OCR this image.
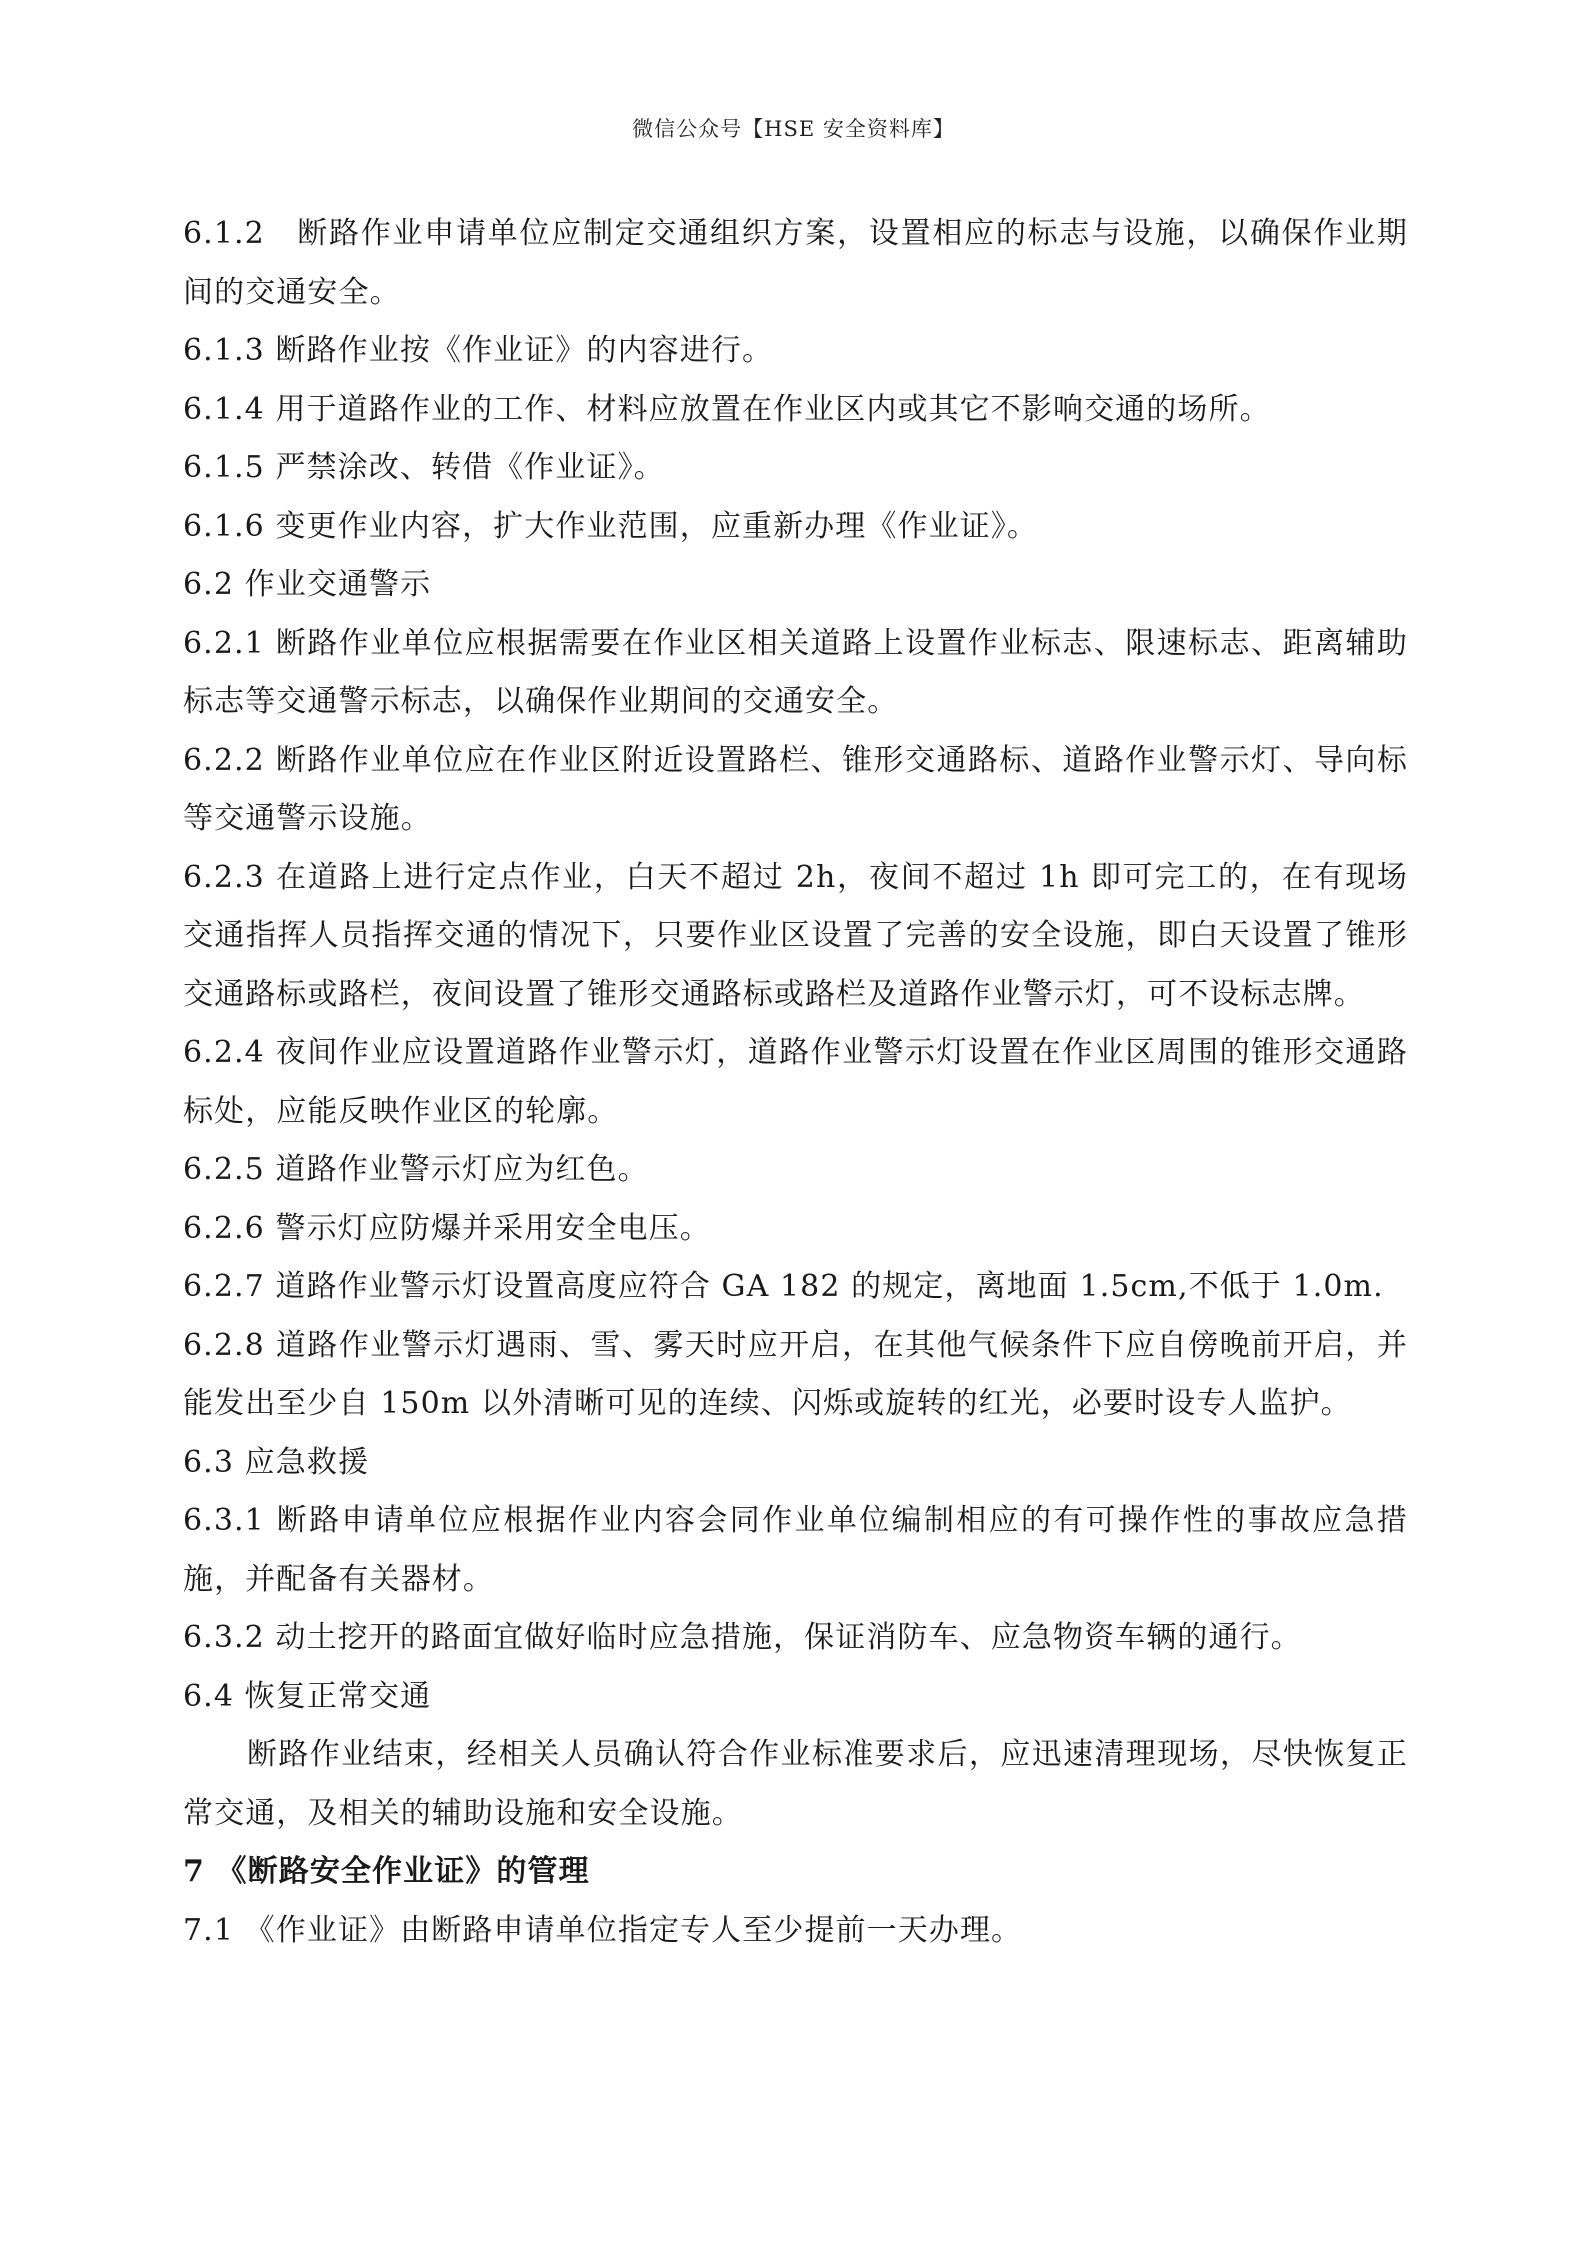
微信公众号【HSE 安全资料库】

6.1.2　断路作业申请单位应制定交通组织方案，设置相应的标志与设施，以确保作业期间的交通安全。

6.1.3 断路作业按《作业证》的内容进行。

6.1.4 用于道路作业的工作、材料应放置在作业区内或其它不影响交通的场所。

6.1.5 严禁涂改、转借《作业证》。

6.1.6 变更作业内容，扩大作业范围，应重新办理《作业证》。

6.2 作业交通警示

6.2.1 断路作业单位应根据需要在作业区相关道路上设置作业标志、限速标志、距离辅助标志等交通警示标志，以确保作业期间的交通安全。

6.2.2 断路作业单位应在作业区附近设置路栏、锥形交通路标、道路作业警示灯、导向标等交通警示设施。

6.2.3 在道路上进行定点作业，白天不超过 2h，夜间不超过 1h 即可完工的，在有现场交通指挥人员指挥交通的情况下，只要作业区设置了完善的安全设施，即白天设置了锥形交通路标或路栏，夜间设置了锥形交通路标或路栏及道路作业警示灯，可不设标志牌。

6.2.4 夜间作业应设置道路作业警示灯，道路作业警示灯设置在作业区周围的锥形交通路标处，应能反映作业区的轮廓。

6.2.5 道路作业警示灯应为红色。

6.2.6 警示灯应防爆并采用安全电压。

6.2.7 道路作业警示灯设置高度应符合 GA 182 的规定，离地面 1.5cm,不低于 1.0m.

6.2.8 道路作业警示灯遇雨、雪、雾天时应开启，在其他气候条件下应自傍晚前开启，并能发出至少自 150m 以外清晰可见的连续、闪烁或旋转的红光，必要时设专人监护。

6.3 应急救援

6.3.1 断路申请单位应根据作业内容会同作业单位编制相应的有可操作性的事故应急措施，并配备有关器材。

6.3.2 动土挖开的路面宜做好临时应急措施，保证消防车、应急物资车辆的通行。

6.4 恢复正常交通

断路作业结束，经相关人员确认符合作业标准要求后，应迅速清理现场，尽快恢复正常交通，及相关的辅助设施和安全设施。

7 《断路安全作业证》的管理

7.1 《作业证》由断路申请单位指定专人至少提前一天办理。
